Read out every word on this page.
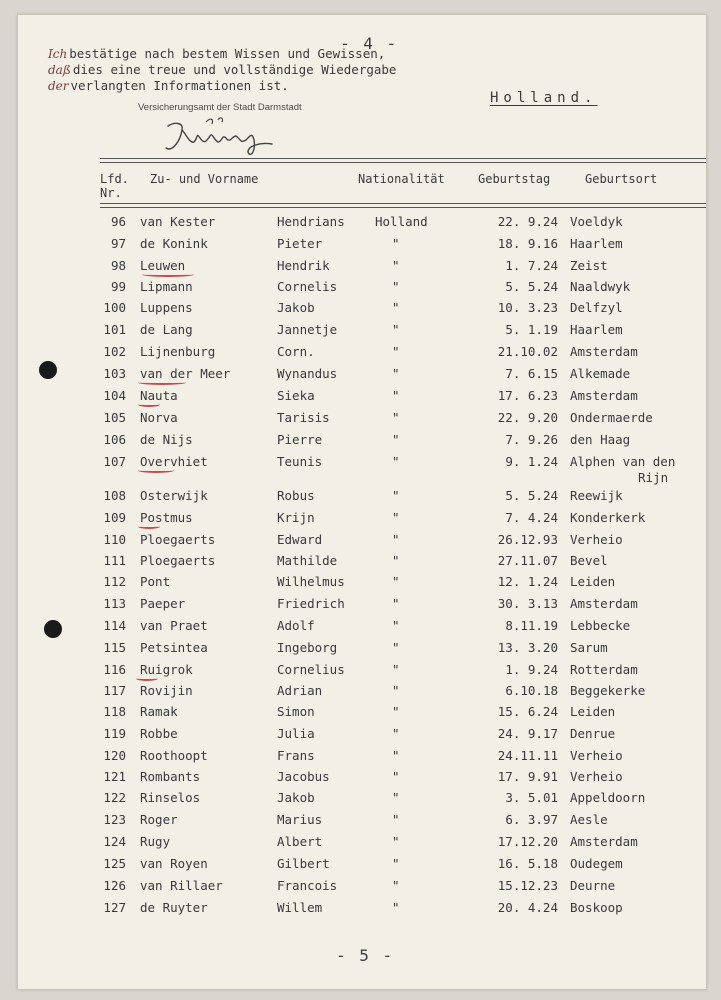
- 4 -
Ich bestätige nach bestem Wissen und Gewissen,
daß dies eine treue und vollständige Wiedergabe
der verlangten Informationen ist.
Versicherungsamt der Stadt Darmstadt
Holland.
Lfd.
Nr.
Zu- und Vorname	Nationalität	Geburtstag	Geburtsort
96 van Kester	Hendrians Holland	22. 9.24 Voeldyk
97 de Konink	Pieter	"	18. 9.16 Haarlem
98 Leuwen	Hendrik	"	1. 7.24 Zeist
99 Lipmann	Cornelis	"	5. 5.24 Naaldwyk
100 Luppens	Jakob	"	10. 3.23 Delfzyl
101 de Lang	Jannetje	"	5. 1.19 Haarlem
102 Lijnenburg	Corn.	"	21.10.02 Amsterdam
103 van der Meer	Wynandus	"	7. 6.15 Alkemade
104 Nauta	Sieka	"	17. 6.23 Amsterdam
105 Norva	Tarisis	"	22. 9.20 Ondermaerde
106 de Nijs	Pierre	"	7. 9.26 den Haag
107 Overvhiet	Teunis	"	9. 1.24 Alphen van den
Rijn
108 Osterwijk	Robus	"	5. 5.24 Reewijk
109 Postmus	Krijn	"	7. 4.24 Konderkerk
110 Ploegaerts	Edward	"	26.12.93 Verheio
111 Ploegaerts	Mathilde	"	27.11.07 Bevel
112 Pont	Wilhelmus	"	12. 1.24 Leiden
113 Paeper	Friedrich	"	30. 3.13 Amsterdam
114 van Praet	Adolf	"	8.11.19 Lebbecke
115 Petsintea	Ingeborg	"	13. 3.20 Sarum
116 Ruigrok	Cornelius	"	1. 9.24 Rotterdam
117 Rovijin	Adrian	"	6.10.18 Beggekerke
118 Ramak	Simon	"	15. 6.24 Leiden
119 Robbe	Julia	"	24. 9.17 Denrue
120 Roothoopt	Frans	"	24.11.11 Verheio
121 Rombants	Jacobus	"	17. 9.91 Verheio
122 Rinselos	Jakob	"	3. 5.01 Appeldoorn
123 Roger	Marius	"	6. 3.97 Aesle
124 Rugy	Albert	"	17.12.20 Amsterdam
125 van Royen	Gilbert	"	16. 5.18 Oudegem
126 van Rillaer	Francois	"	15.12.23 Deurne
127 de Ruyter	Willem	"	20. 4.24 Boskoop
- 5 -
